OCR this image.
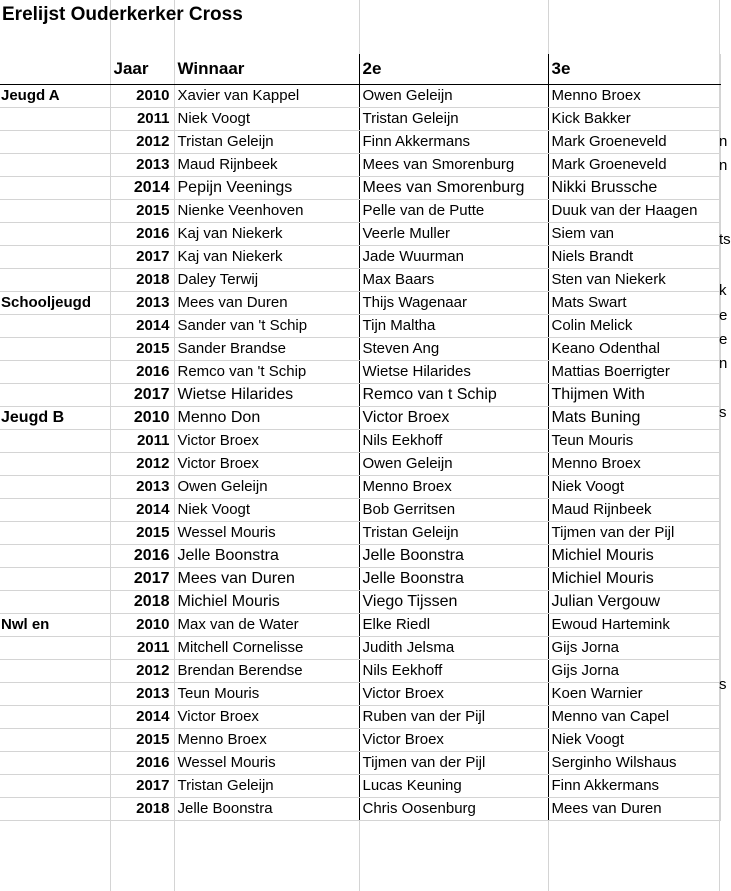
Erelijst Ouderkerker Cross
	Jaar	Winnaar	2e	3e
Jeugd A	2010	Xavier van Kappel	Owen Geleijn	Menno Broex
	2011	Niek Voogt	Tristan Geleijn	Kick Bakker
	2012	Tristan Geleijn	Finn Akkermans	Mark Groeneveld
	2013	Maud Rijnbeek	Mees van Smorenburg	Mark Groeneveld
	2014	Pepijn Veenings	Mees van Smorenburg	Nikki Brussche
	2015	Nienke Veenhoven	Pelle van de Putte	Duuk van der Haagen
	2016	Kaj van Niekerk	Veerle Muller	Siem van
	2017	Kaj van Niekerk	Jade Wuurman	Niels Brandt
	2018	Daley Terwij	Max Baars	Sten van Niekerk
Schooljeugd	2013	Mees van Duren	Thijs Wagenaar	Mats Swart
	2014	Sander van 't Schip	Tijn Maltha	Colin Melick
	2015	Sander Brandse	Steven Ang	Keano Odenthal
	2016	Remco van 't Schip	Wietse Hilarides	Mattias Boerrigter
	2017	Wietse Hilarides	Remco van t Schip	Thijmen With
Jeugd B	2010	Menno Don	Victor Broex	Mats Buning
	2011	Victor Broex	Nils Eekhoff	Teun Mouris
	2012	Victor Broex	Owen Geleijn	Menno Broex
	2013	Owen Geleijn	Menno Broex	Niek Voogt
	2014	Niek Voogt	Bob Gerritsen	Maud Rijnbeek
	2015	Wessel Mouris	Tristan Geleijn	Tijmen van der Pijl
	2016	Jelle Boonstra	Jelle Boonstra	Michiel Mouris
	2017	Mees van Duren	Jelle Boonstra	Michiel Mouris
	2018	Michiel Mouris	Viego Tijssen	Julian Vergouw
Nwl en	2010	Max van de Water	Elke Riedl	Ewoud Hartemink
	2011	Mitchell Cornelisse	Judith Jelsma	Gijs Jorna
	2012	Brendan Berendse	Nils Eekhoff	Gijs Jorna
	2013	Teun Mouris	Victor Broex	Koen Warnier
	2014	Victor Broex	Ruben van der Pijl	Menno van Capel
	2015	Menno Broex	Victor Broex	Niek Voogt
	2016	Wessel Mouris	Tijmen van der Pijl	Serginho Wilshaus
	2017	Tristan Geleijn	Lucas Keuning	Finn Akkermans
	2018	Jelle Boonstra	Chris Oosenburg	Mees van Duren
n
n
ts
k
e
e
n
s
s
